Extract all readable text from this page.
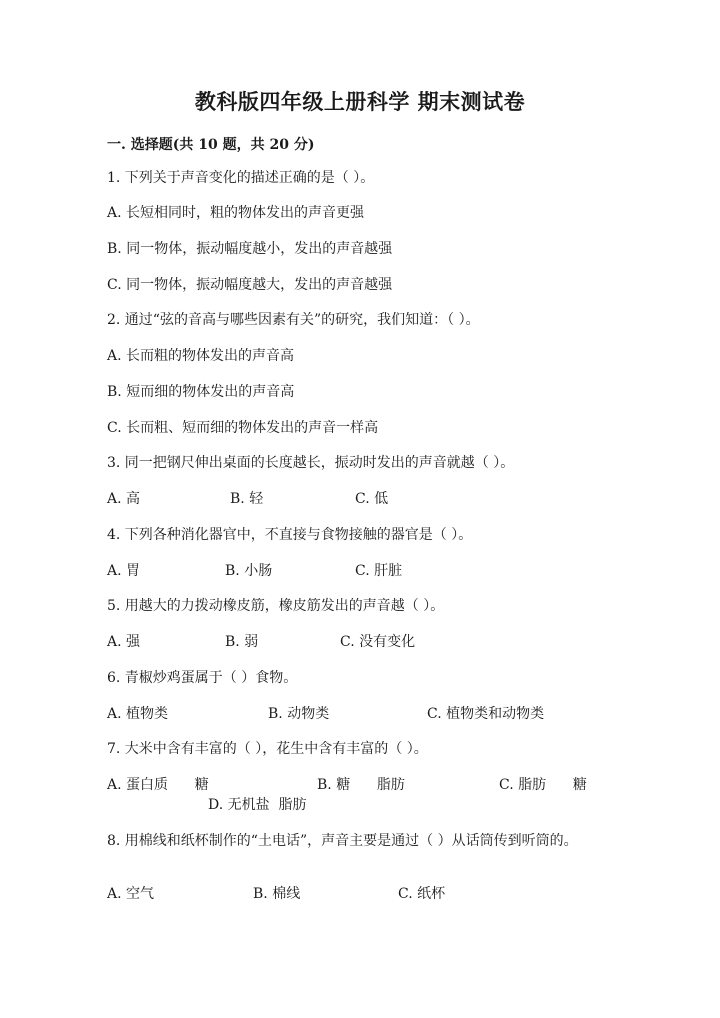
教科版四年级上册科学 期末测试卷
一. 选择题(共 10 题，共 20 分)
1. 下列关于声音变化的描述正确的是（ ）。
A. 长短相同时，粗的物体发出的声音更强
B. 同一物体，振动幅度越小，发出的声音越强
C. 同一物体，振动幅度越大，发出的声音越强
2. 通过“弦的音高与哪些因素有关”的研究，我们知道：（ ）。
A. 长而粗的物体发出的声音高
B. 短而细的物体发出的声音高
C. 长而粗、短而细的物体发出的声音一样高
3. 同一把钢尺伸出桌面的长度越长，振动时发出的声音就越（ ）。
A. 高	B. 轻	C. 低
4. 下列各种消化器官中，不直接与食物接触的器官是（ ）。
A. 胃	B. 小肠	C. 肝脏
5. 用越大的力拨动橡皮筋，橡皮筋发出的声音越（ ）。
A. 强	B. 弱	C. 没有变化
6. 青椒炒鸡蛋属于（ ）食物。
A. 植物类	B. 动物类	C. 植物类和动物类
7. 大米中含有丰富的（ ），花生中含有丰富的（ ）。
A. 蛋白质      糖	B. 糖      脂肪	C. 脂肪      糖
D. 无机盐  脂肪
8. 用棉线和纸杯制作的“土电话”，声音主要是通过（ ）从话筒传到听筒的。
A. 空气	B. 棉线	C. 纸杯
